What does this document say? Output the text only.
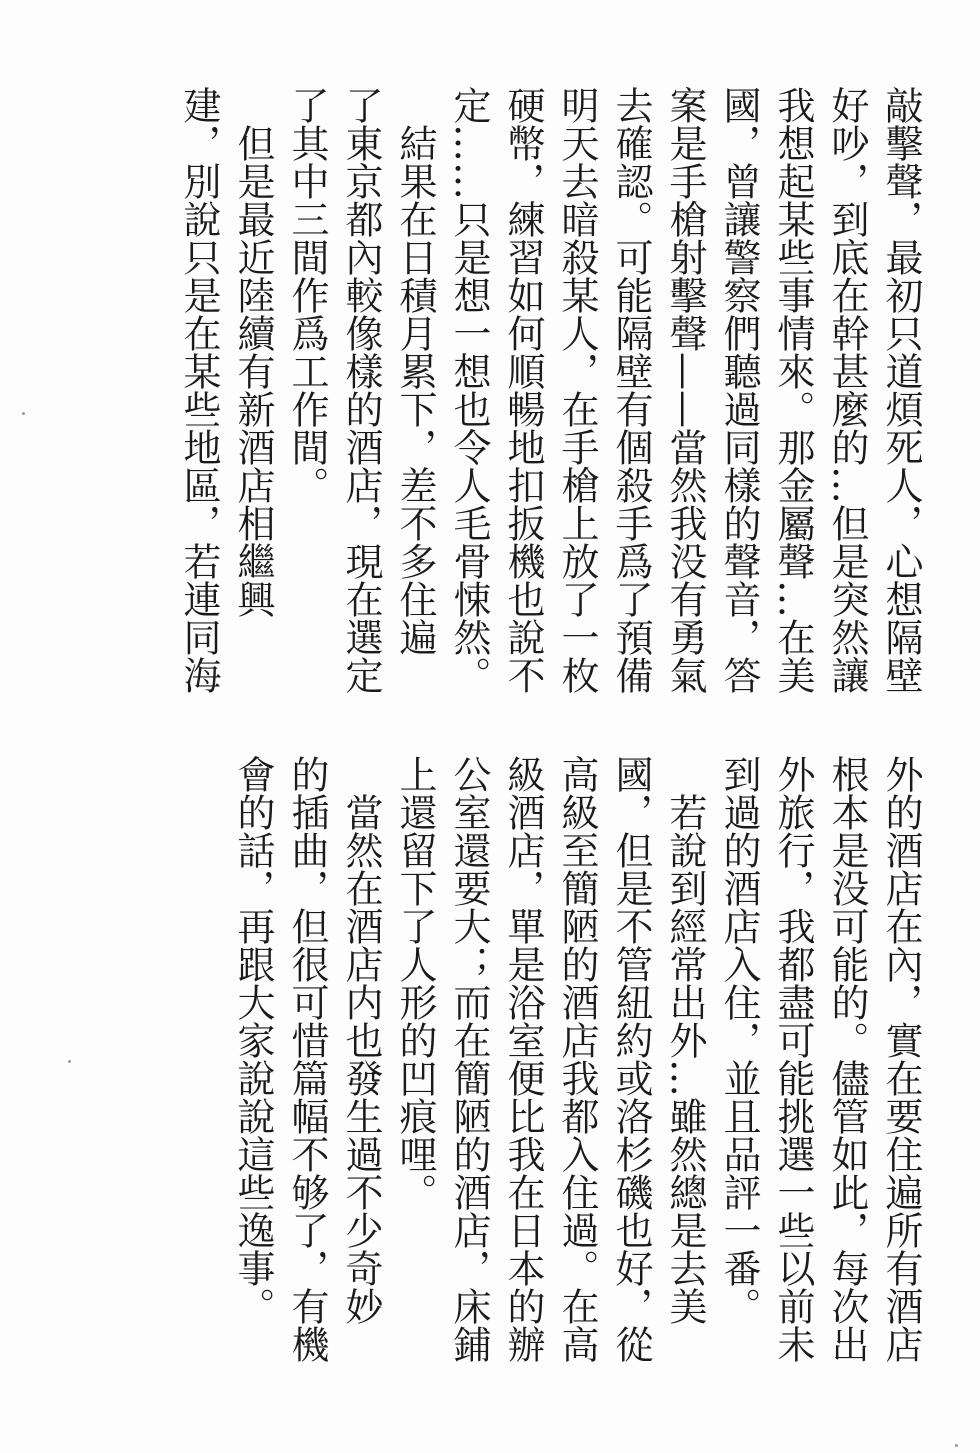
敲擊聲，最初只道煩死人，心想隔壁
好吵，到底在幹甚麼的…但是突然讓
我想起某些事情來。那金屬聲…在美
國，曾讓警察們聽過同樣的聲音，答
案是手槍射擊聲——當然我没有勇氣
去確認。可能隔壁有個殺手爲了預備
明天去暗殺某人，在手槍上放了一枚
硬幣，練習如何順暢地扣扳機也說不
定……只是想一想也令人毛骨悚然。
　結果在日積月累下，差不多住遍
了東京都內較像樣的酒店，現在選定
了其中三間作爲工作間。
　但是最近陸續有新酒店相繼興
建，別說只是在某些地區，若連同海
外的酒店在內，實在要住遍所有酒店
根本是没可能的。儘管如此，每次出
外旅行，我都盡可能挑選一些以前未
到過的酒店入住，並且品評一番。
　若說到經常出外…雖然總是去美
國，但是不管紐約或洛杉磯也好，從
高級至簡陋的酒店我都入住過。在高
級酒店，單是浴室便比我在日本的辦
公室還要大；而在簡陋的酒店，床鋪
上還留下了人形的凹痕哩。
　當然在酒店内也發生過不少奇妙
的插曲，但很可惜篇幅不够了，有機
會的話，再跟大家說說這些逸事。
